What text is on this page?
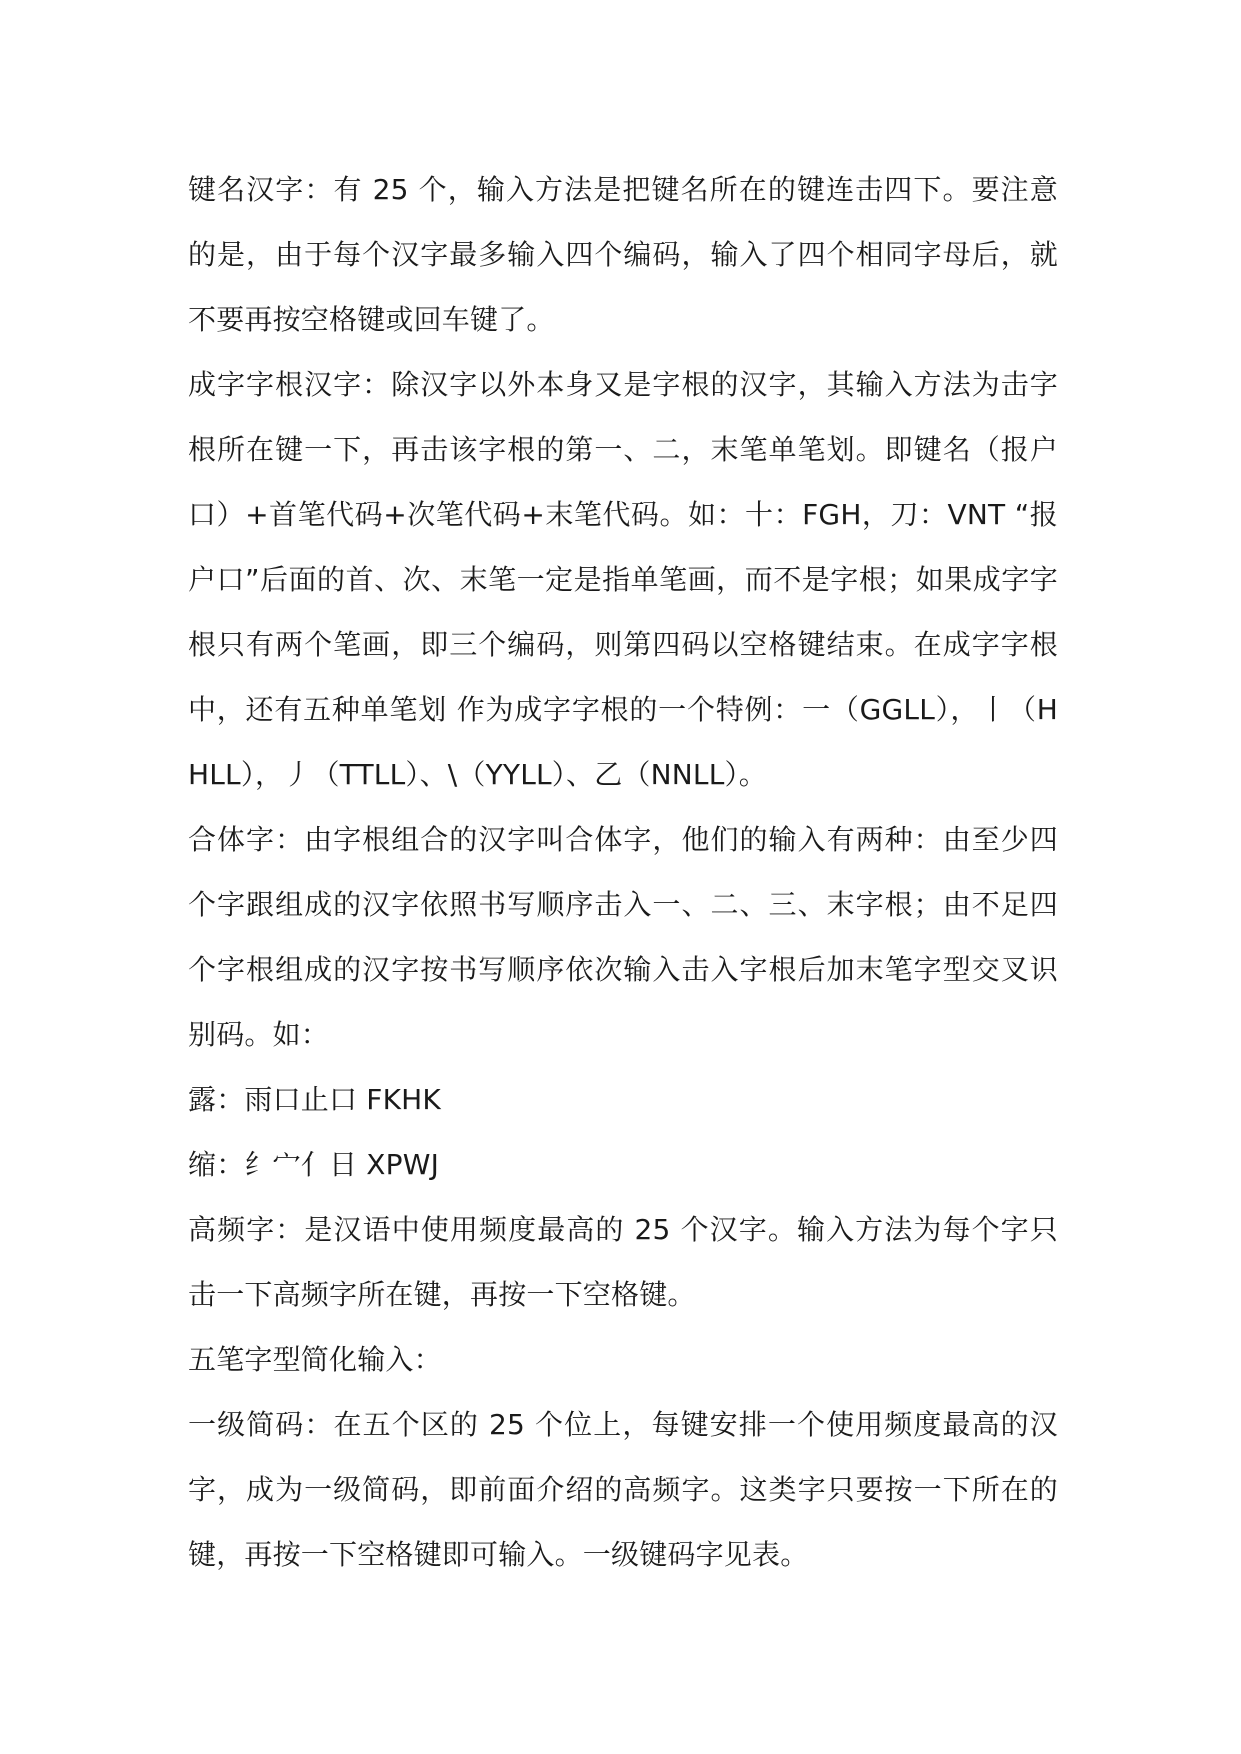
键名汉字：有 25 个，输入方法是把键名所在的键连击四下。要注意的是，由于每个汉字最多输入四个编码，输入了四个相同字母后，就不要再按空格键或回车键了。

成字字根汉字：除汉字以外本身又是字根的汉字，其输入方法为击字根所在键一下，再击该字根的第一、二，末笔单笔划。即键名（报户口）+首笔代码+次笔代码+末笔代码。如：十：FGH，刀：VNT “报户口”后面的首、次、末笔一定是指单笔画，而不是字根；如果成字字根只有两个笔画，即三个编码，则第四码以空格键结束。在成字字根中，还有五种单笔划 作为成字字根的一个特例：一（GGLL），丨（HHLL），丿（TTLL）、\（YYLL）、乙（NNLL）。

合体字：由字根组合的汉字叫合体字，他们的输入有两种：由至少四个字跟组成的汉字依照书写顺序击入一、二、三、末字根；由不足四个字根组成的汉字按书写顺序依次输入击入字根后加末笔字型交叉识别码。如：

露：雨口止口 FKHK

缩：纟宀亻日 XPWJ

高频字：是汉语中使用频度最高的 25 个汉字。输入方法为每个字只击一下高频字所在键，再按一下空格键。

五笔字型简化输入：

一级简码：在五个区的 25 个位上，每键安排一个使用频度最高的汉字，成为一级简码，即前面介绍的高频字。这类字只要按一下所在的键，再按一下空格键即可输入。一级键码字见表。
